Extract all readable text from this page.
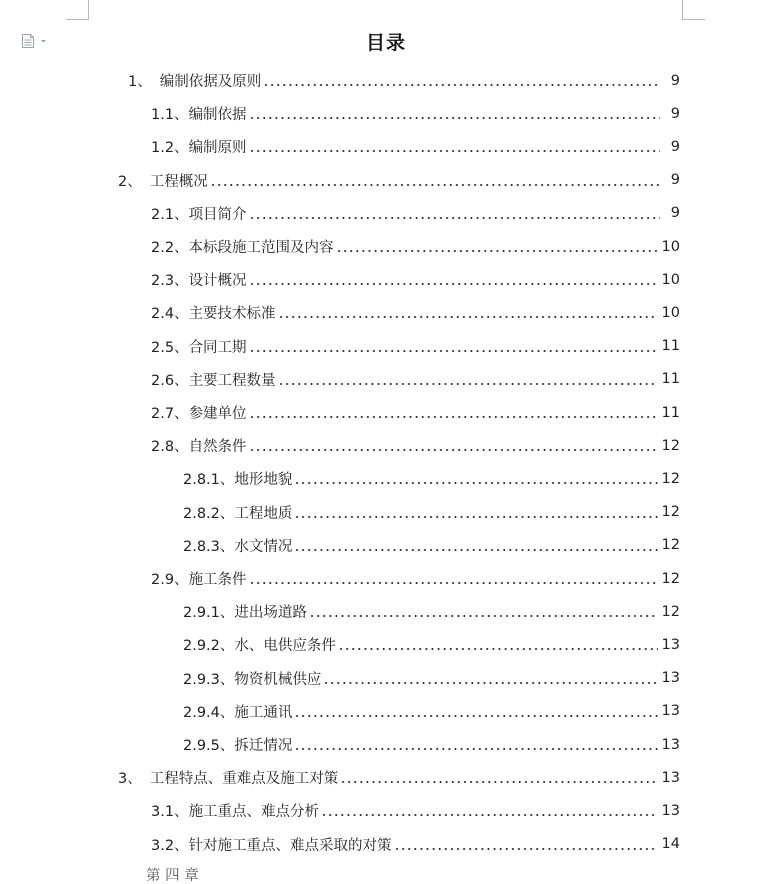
目录
1、 编制依据及原则	9
1.1、 编制依据	9
1.2、 编制原则	9
2、 工程概况	9
2.1、 项目简介	9
2.2、 本标段施工范围及内容	10
2.3、 设计概况	10
2.4、 主要技术标准	10
2.5、 合同工期	11
2.6、 主要工程数量	11
2.7、 参建单位	11
2.8、 自然条件	12
2.8.1、 地形地貌	12
2.8.2、 工程地质	12
2.8.3、 水文情况	12
2.9、 施工条件	12
2.9.1、 进出场道路	12
2.9.2、 水、电供应条件	13
2.9.3、 物资机械供应	13
2.9.4、 施工通讯	13
2.9.5、 拆迁情况	13
3、 工程特点、重难点及施工对策	13
3.1、 施工重点、难点分析	13
3.2、 针对施工重点、难点采取的对策	14
第 四 章
